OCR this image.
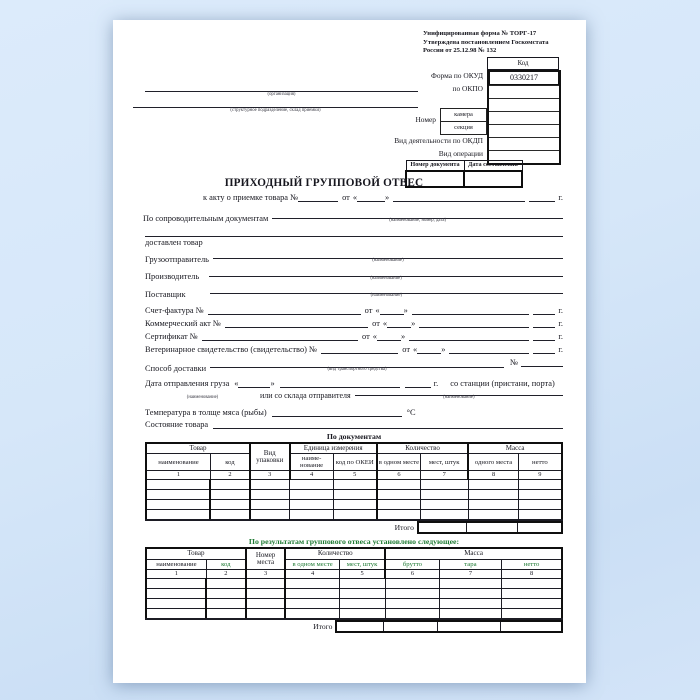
Унифицированная форма № ТОРГ-17
Утверждена постановлением Госкомстата
России от 25.12.98 № 132
Код
0330217
Форма по ОКУД
по ОКПО
Номер
камера
секция
Вид деятельности по ОКДП
Вид операции
(организация)
(структурное подразделение, склад приемки)
Номер документа	Дата составления

ПРИХОДНЫЙ ГРУППОВОЙ ОТВЕС
к акту о приемке товара №	от «	»	г.
По сопроводительным документам	(наименование, номер, дата)
доставлен товар
Грузоотправитель	(наименование)
Производитель	(наименование)
Поставщик	(наименование)
Счет-фактура №	от «	»	г.
Коммерческий акт №	от «	»	г.
Сертификат №	от «	»	г.
Ветеринарное свидетельство (свидетельство) №	от «	»	г.
Способ доставки	(вид транспортного средства)
№
Дата отправления груза «	»	г. со станции (пристани, порта)
(наименование)	или со склада отправителя	(наименование)
Температура в толще мяса (рыбы)	°С
Состояние товара
По документам
Товар		Вид упаковки	Единица измерения		Количество		Масса	
наименование	код		наиме- нование	код по ОКЕИ	в одном месте	мест, штук	одного места	нетто
1	2	3	4	5	6	7	8	9

Итого
По результатам группового отвеса установлено следующее:
Товар		Номер места	Количество		Масса		
наименование	код		в одном месте	мест, штук	брутто	тара	нетто
1	2	3	4	5	6	7	8

Итого
